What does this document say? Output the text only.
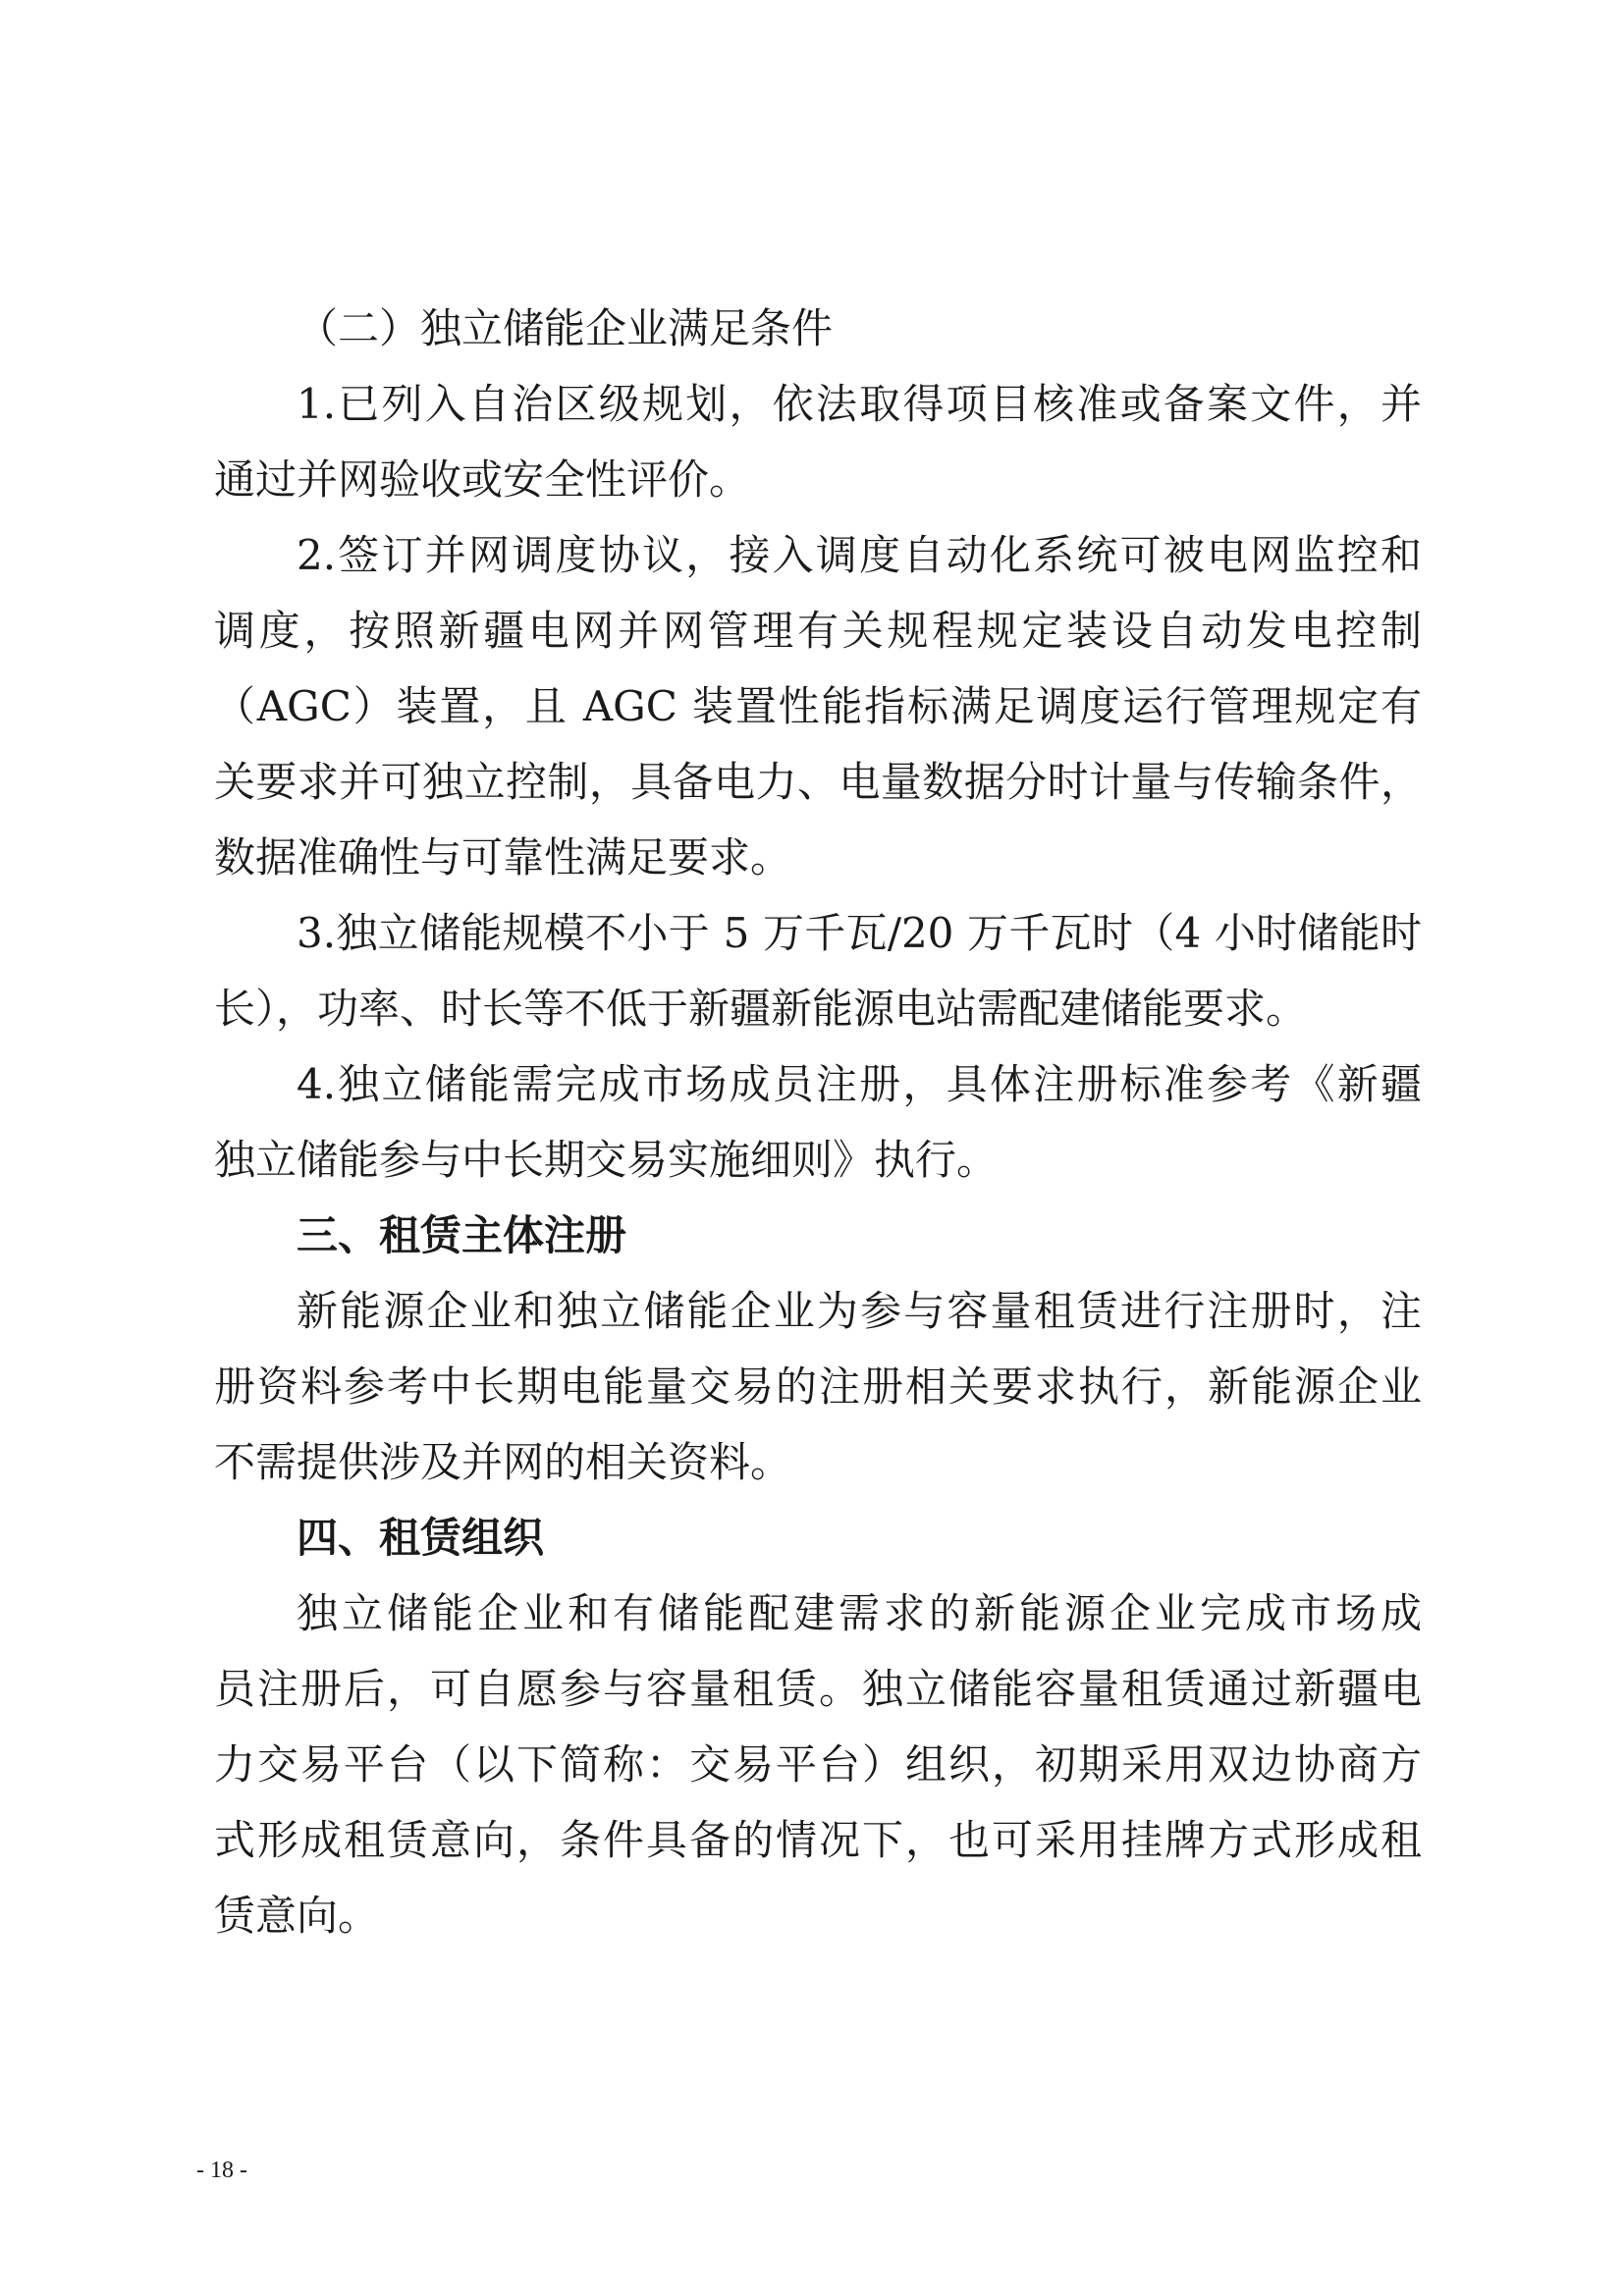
（二）独立储能企业满足条件
1.已列入自治区级规划，依法取得项目核准或备案文件，并
通过并网验收或安全性评价。
2.签订并网调度协议，接入调度自动化系统可被电网监控和
调度，按照新疆电网并网管理有关规程规定装设自动发电控制
（AGC）装置，且 AGC 装置性能指标满足调度运行管理规定有
关要求并可独立控制，具备电力、电量数据分时计量与传输条件，
数据准确性与可靠性满足要求。
3.独立储能规模不小于 5 万千瓦/20 万千瓦时（4 小时储能时
长），功率、时长等不低于新疆新能源电站需配建储能要求。
4.独立储能需完成市场成员注册，具体注册标准参考《新疆
独立储能参与中长期交易实施细则》执行。
三、租赁主体注册
新能源企业和独立储能企业为参与容量租赁进行注册时，注
册资料参考中长期电能量交易的注册相关要求执行，新能源企业
不需提供涉及并网的相关资料。
四、租赁组织
独立储能企业和有储能配建需求的新能源企业完成市场成
员注册后，可自愿参与容量租赁。独立储能容量租赁通过新疆电
力交易平台（以下简称：交易平台）组织，初期采用双边协商方
式形成租赁意向，条件具备的情况下，也可采用挂牌方式形成租
赁意向。
- 18 -
